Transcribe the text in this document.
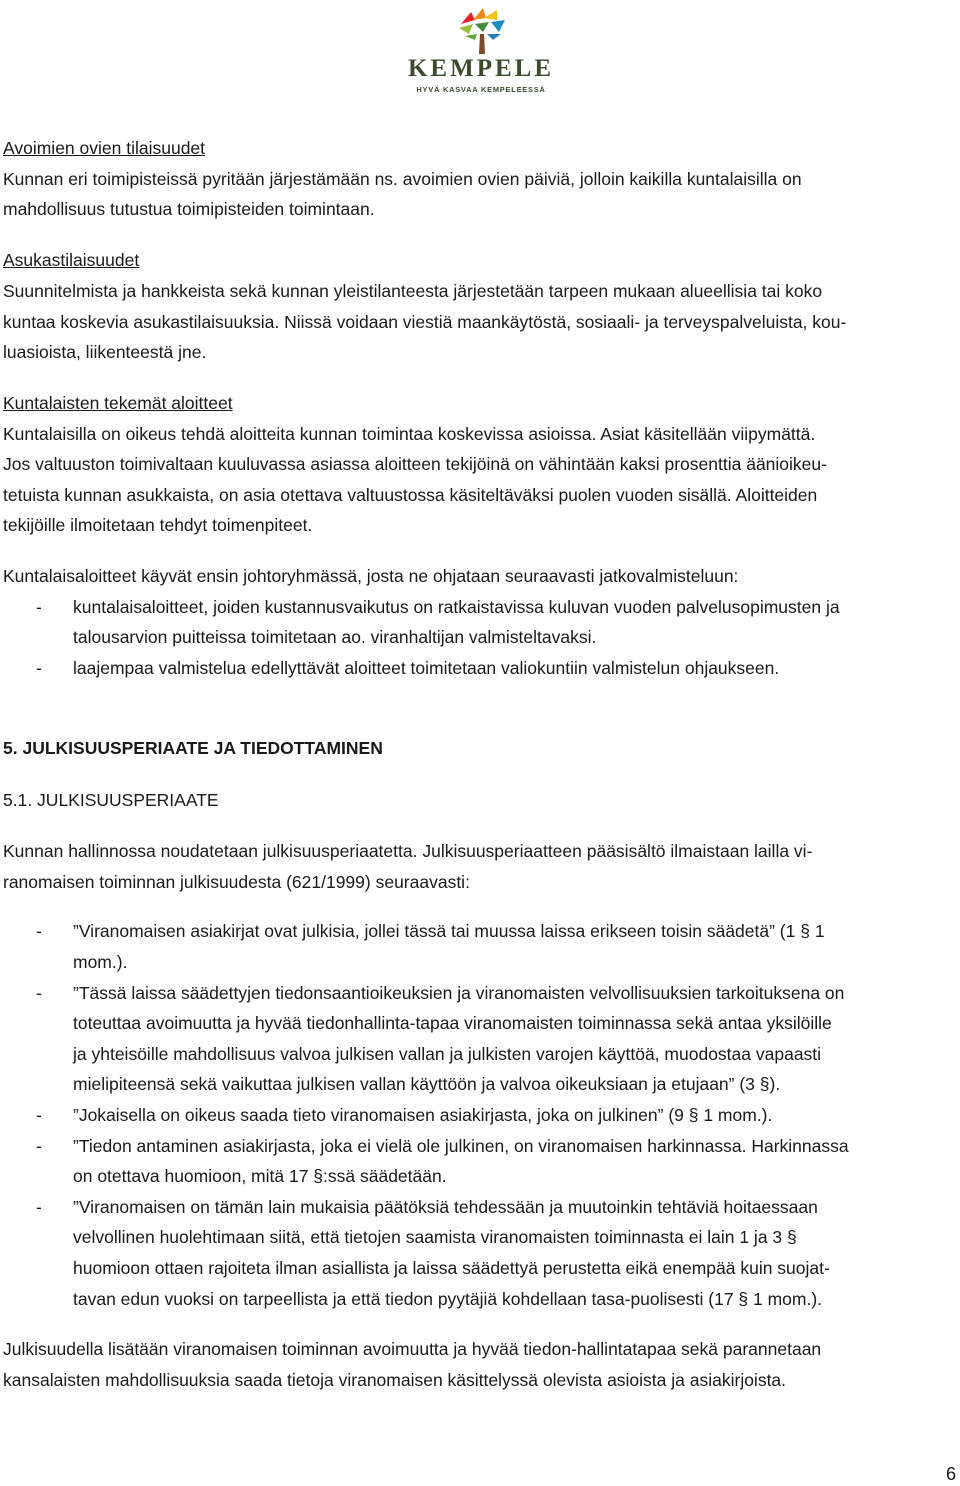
KEMPELE
HYVÄ KASVAA KEMPELEESSÄ
Avoimien ovien tilaisuudet
Kunnan eri toimipisteissä pyritään järjestämään ns. avoimien ovien päiviä, jolloin kaikilla kuntalaisilla on
mahdollisuus tutustua toimipisteiden toimintaan.
Asukastilaisuudet
Suunnitelmista ja hankkeista sekä kunnan yleistilanteesta järjestetään tarpeen mukaan alueellisia tai koko
kuntaa koskevia asukastilaisuuksia. Niissä voidaan viestiä maankäytöstä, sosiaali- ja terveyspalveluista, kou-
luasioista, liikenteestä jne.
Kuntalaisten tekemät aloitteet
Kuntalaisilla on oikeus tehdä aloitteita kunnan toimintaa koskevissa asioissa. Asiat käsitellään viipymättä.
Jos valtuuston toimivaltaan kuuluvassa asiassa aloitteen tekijöinä on vähintään kaksi prosenttia äänioikeu-
tetuista kunnan asukkaista, on asia otettava valtuustossa käsiteltäväksi puolen vuoden sisällä. Aloitteiden
tekijöille ilmoitetaan tehdyt toimenpiteet.
Kuntalaisaloitteet käyvät ensin johtoryhmässä, josta ne ohjataan seuraavasti jatkovalmisteluun:
- kuntalaisaloitteet, joiden kustannusvaikutus on ratkaistavissa kuluvan vuoden palvelusopimusten ja
talousarvion puitteissa toimitetaan ao. viranhaltijan valmisteltavaksi.
- laajempaa valmistelua edellyttävät aloitteet toimitetaan valiokuntiin valmistelun ohjaukseen.
5. JULKISUUSPERIAATE JA TIEDOTTAMINEN
5.1. JULKISUUSPERIAATE
Kunnan hallinnossa noudatetaan julkisuusperiaatetta. Julkisuusperiaatteen pääsisältö ilmaistaan lailla vi-
ranomaisen toiminnan julkisuudesta (621/1999) seuraavasti:
- ”Viranomaisen asiakirjat ovat julkisia, jollei tässä tai muussa laissa erikseen toisin säädetä” (1 § 1
mom.).
- ”Tässä laissa säädettyjen tiedonsaantioikeuksien ja viranomaisten velvollisuuksien tarkoituksena on
toteuttaa avoimuutta ja hyvää tiedonhallinta-tapaa viranomaisten toiminnassa sekä antaa yksilöille
ja yhteisöille mahdollisuus valvoa julkisen vallan ja julkisten varojen käyttöä, muodostaa vapaasti
mielipiteensä sekä vaikuttaa julkisen vallan käyttöön ja valvoa oikeuksiaan ja etujaan” (3 §).
- ”Jokaisella on oikeus saada tieto viranomaisen asiakirjasta, joka on julkinen” (9 § 1 mom.).
- ”Tiedon antaminen asiakirjasta, joka ei vielä ole julkinen, on viranomaisen harkinnassa. Harkinnassa
on otettava huomioon, mitä 17 §:ssä säädetään.
- ”Viranomaisen on tämän lain mukaisia päätöksiä tehdessään ja muutoinkin tehtäviä hoitaessaan
velvollinen huolehtimaan siitä, että tietojen saamista viranomaisten toiminnasta ei lain 1 ja 3 §
huomioon ottaen rajoiteta ilman asiallista ja laissa säädettyä perustetta eikä enempää kuin suojat-
tavan edun vuoksi on tarpeellista ja että tiedon pyytäjiä kohdellaan tasa-puolisesti (17 § 1 mom.).
Julkisuudella lisätään viranomaisen toiminnan avoimuutta ja hyvää tiedon-hallintatapaa sekä parannetaan
kansalaisten mahdollisuuksia saada tietoja viranomaisen käsittelyssä olevista asioista ja asiakirjoista.
6
